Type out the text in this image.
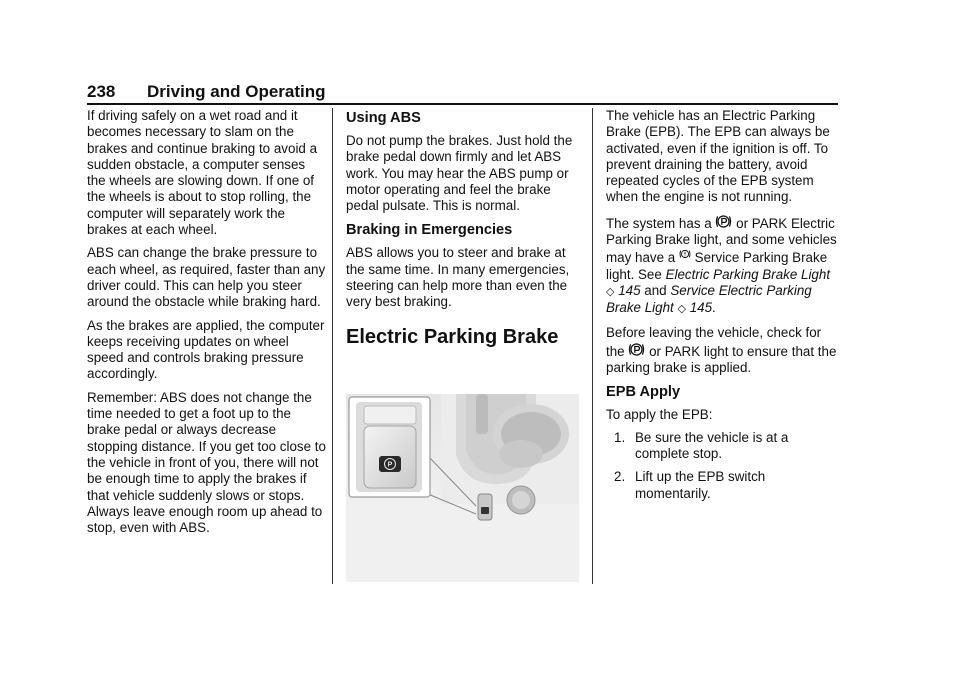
238 Driving and Operating

If driving safely on a wet road and it becomes necessary to slam on the brakes and continue braking to avoid a sudden obstacle, a computer senses the wheels are slowing down. If one of the wheels is about to stop rolling, the computer will separately work the brakes at each wheel.

ABS can change the brake pressure to each wheel, as required, faster than any driver could. This can help you steer around the obstacle while braking hard.

As the brakes are applied, the computer keeps receiving updates on wheel speed and controls braking pressure accordingly.

Remember: ABS does not change the time needed to get a foot up to the brake pedal or always decrease stopping distance. If you get too close to the vehicle in front of you, there will not be enough time to apply the brakes if that vehicle suddenly slows or stops. Always leave enough room up ahead to stop, even with ABS.

Using ABS

Do not pump the brakes. Just hold the brake pedal down firmly and let ABS work. You may hear the ABS pump or motor operating and feel the brake pedal pulsate. This is normal.

Braking in Emergencies

ABS allows you to steer and brake at the same time. In many emergencies, steering can help more than even the very best braking.

Electric Parking Brake
P

The vehicle has an Electric Parking Brake (EPB). The EPB can always be activated, even if the ignition is off. To prevent draining the battery, avoid repeated cycles of the EPB system when the engine is not running.

The system has a  or PARK Electric Parking Brake light, and some vehicles may have a  Service Parking Brake light. See Electric Parking Brake Light
◇ 145 and Service Electric Parking Brake Light ◇ 145.

Before leaving the vehicle, check for the  or PARK light to ensure that the parking brake is applied.

EPB Apply

To apply the EPB:

1. Be sure the vehicle is at a complete stop.
2. Lift up the EPB switch momentarily.
